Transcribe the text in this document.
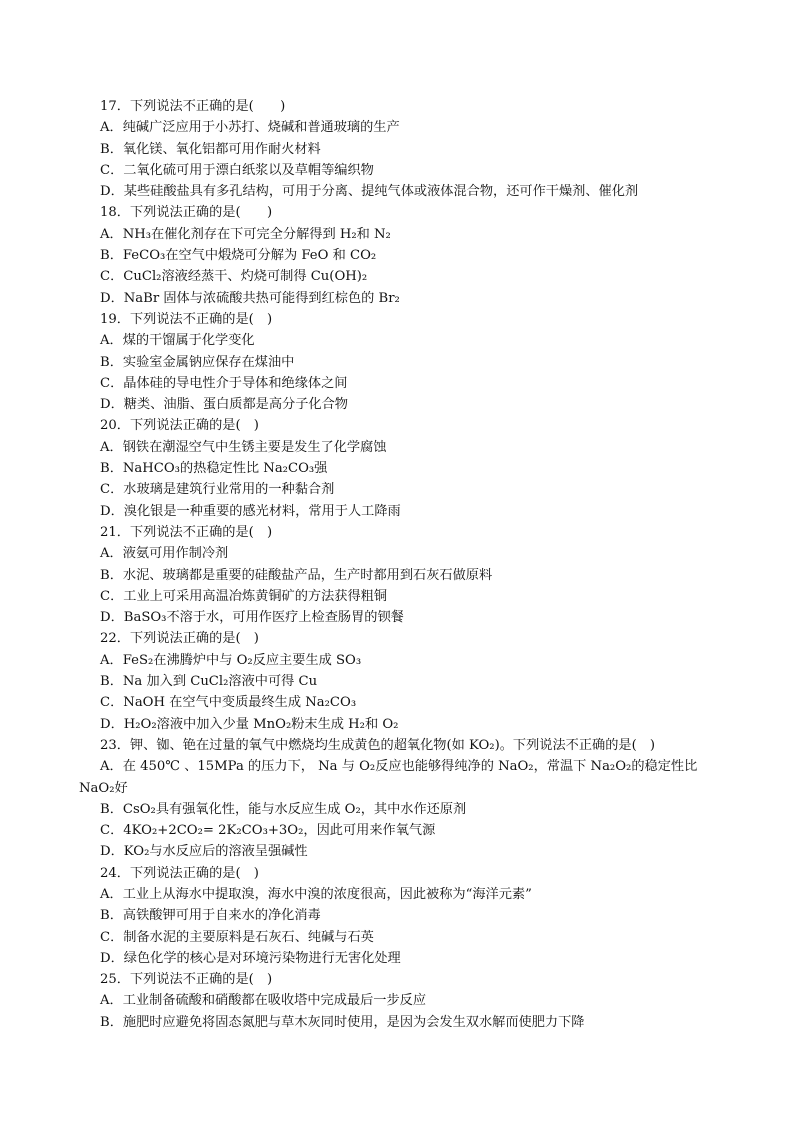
17．下列说法不正确的是(　　)
A．纯碱广泛应用于小苏打、烧碱和普通玻璃的生产
B．氧化镁、氧化铝都可用作耐火材料
C．二氧化硫可用于漂白纸浆以及草帽等编织物
D．某些硅酸盐具有多孔结构，可用于分离、提纯气体或液体混合物，还可作干燥剂、催化剂
18．下列说法正确的是(　　)
A．NH₃在催化剂存在下可完全分解得到 H₂和 N₂
B．FeCO₃在空气中煅烧可分解为 FeO 和 CO₂
C．CuCl₂溶液经蒸干、灼烧可制得 Cu(OH)₂
D．NaBr 固体与浓硫酸共热可能得到红棕色的 Br₂
19．下列说法不正确的是(　)
A．煤的干馏属于化学变化
B．实验室金属钠应保存在煤油中
C．晶体硅的导电性介于导体和绝缘体之间
D．糖类、油脂、蛋白质都是高分子化合物
20．下列说法正确的是(　)
A．钢铁在潮湿空气中生锈主要是发生了化学腐蚀
B．NaHCO₃的热稳定性比 Na₂CO₃强
C．水玻璃是建筑行业常用的一种黏合剂
D．溴化银是一种重要的感光材料，常用于人工降雨
21．下列说法不正确的是(　)
A．液氨可用作制冷剂
B．水泥、玻璃都是重要的硅酸盐产品，生产时都用到石灰石做原料
C．工业上可采用高温冶炼黄铜矿的方法获得粗铜
D．BaSO₃不溶于水，可用作医疗上检查肠胃的钡餐
22．下列说法正确的是(　)
A．FeS₂在沸腾炉中与 O₂反应主要生成 SO₃
B．Na 加入到 CuCl₂溶液中可得 Cu
C．NaOH 在空气中变质最终生成 Na₂CO₃
D．H₂O₂溶液中加入少量 MnO₂粉末生成 H₂和 O₂
23．钾、铷、铯在过量的氧气中燃烧均生成黄色的超氧化物(如 KO₂)。下列说法不正确的是(　)
A．在 450℃ 、15MPa 的压力下， Na 与 O₂反应也能够得纯净的 NaO₂，常温下 Na₂O₂的稳定性比
NaO₂好
B．CsO₂具有强氧化性，能与水反应生成 O₂，其中水作还原剂
C．4KO₂+2CO₂= 2K₂CO₃+3O₂，因此可用来作氧气源
D．KO₂与水反应后的溶液呈强碱性
24．下列说法正确的是(　)
A．工业上从海水中提取溴，海水中溴的浓度很高，因此被称为“海洋元素”
B．高铁酸钾可用于自来水的净化消毒
C．制备水泥的主要原料是石灰石、纯碱与石英
D．绿色化学的核心是对环境污染物进行无害化处理
25．下列说法不正确的是(　)
A．工业制备硫酸和硝酸都在吸收塔中完成最后一步反应
B．施肥时应避免将固态氮肥与草木灰同时使用，是因为会发生双水解而使肥力下降
